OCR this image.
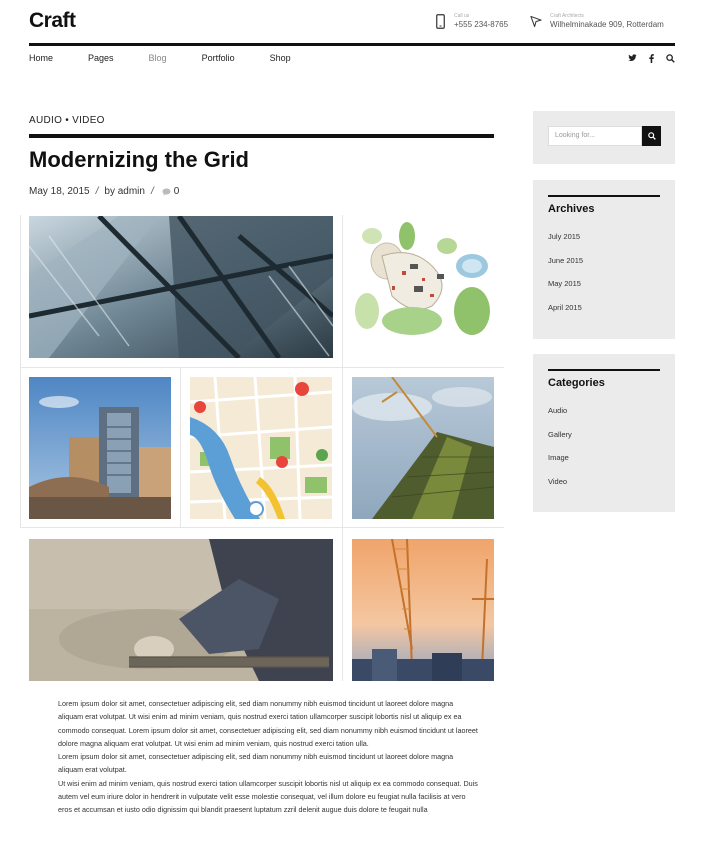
Craft	Call us
+555 234-8765
Craft Architects
Wilhelminakade 909, Rotterdam
Home	Pages	Blog	Portfolio	Shop
AUDIO • VIDEO
Modernizing the Grid
May 18, 2015 / by admin / 0

Lorem ipsum dolor sit amet, consectetuer adipiscing elit, sed diam nonummy nibh euismod tincidunt ut laoreet dolore magna aliquam erat volutpat. Ut wisi enim ad minim veniam, quis nostrud exerci tation ullamcorper suscipit lobortis nisl ut aliquip ex ea commodo consequat. Lorem ipsum dolor sit amet, consectetuer adipiscing elit, sed diam nonummy nibh euismod tincidunt ut laoreet dolore magna aliquam erat volutpat. Ut wisi enim ad minim veniam, quis nostrud exerci tation ulla.

Lorem ipsum dolor sit amet, consectetuer adipiscing elit, sed diam nonummy nibh euismod tincidunt ut laoreet dolore magna aliquam erat volutpat.

Ut wisi enim ad minim veniam, quis nostrud exerci tation ullamcorper suscipit lobortis nisl ut aliquip ex ea commodo consequat. Duis autem vel eum iriure dolor in hendrerit in vulputate velit esse molestie consequat, vel illum dolore eu feugiat nulla facilisis at vero eros et accumsan et iusto odio dignissim qui blandit praesent luptatum zzril delenit augue duis dolore te feugait nulla

Looking for...
Archives
July 2015
June 2015
May 2015
April 2015
Categories
Audio
Gallery
Image
Video
